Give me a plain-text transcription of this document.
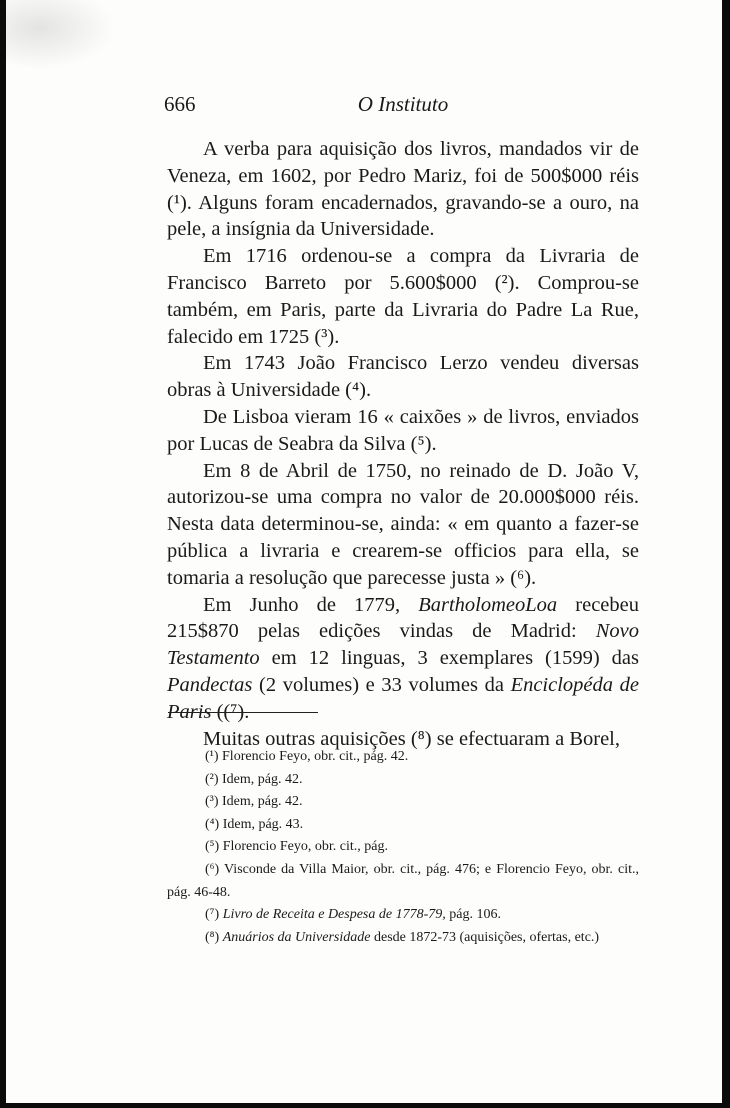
666	O Instituto

A verba para aquisição dos livros, mandados vir de Veneza, em 1602, por Pedro Mariz, foi de 500$000 réis (¹). Alguns foram encadernados, gravando-se a ouro, na pele, a insígnia da Universidade.

Em 1716 ordenou-se a compra da Livraria de Francisco Barreto por 5.600$000 (²). Comprou-se também, em Paris, parte da Livraria do Padre La Rue, falecido em 1725 (³).

Em 1743 João Francisco Lerzo vendeu diversas obras à Universidade (⁴).

De Lisboa vieram 16 « caixões » de livros, enviados por Lucas de Seabra da Silva (⁵).

Em 8 de Abril de 1750, no reinado de D. João V, autorizou-se uma compra no valor de 20.000$000 réis. Nesta data determinou-se, ainda: « em quanto a fazer-se pública a livraria e crearem-se officios para ella, se tomaria a resolução que parecesse justa » (⁶).

Em Junho de 1779, BartholomeoLoa recebeu 215$870 pelas edições vindas de Madrid: Novo Testamento em 12 linguas, 3 exemplares (1599) das Pandectas (2 volumes) e 33 volumes da Enciclopéda de Paris ((⁷).

Muitas outras aquisições (⁸) se efectuaram a Borel,

(¹) Florencio Feyo, obr. cit., pág. 42.

(²) Idem, pág. 42.

(³) Idem, pág. 42.

(⁴) Idem, pág. 43.

(⁵) Florencio Feyo, obr. cit., pág.

(⁶) Visconde da Villa Maior, obr. cit., pág. 476; e Florencio Feyo, obr. cit., pág. 46-48.

(⁷) Livro de Receita e Despesa de 1778-79, pág. 106.

(⁸) Anuários da Universidade desde 1872-73 (aquisições, ofertas, etc.)
